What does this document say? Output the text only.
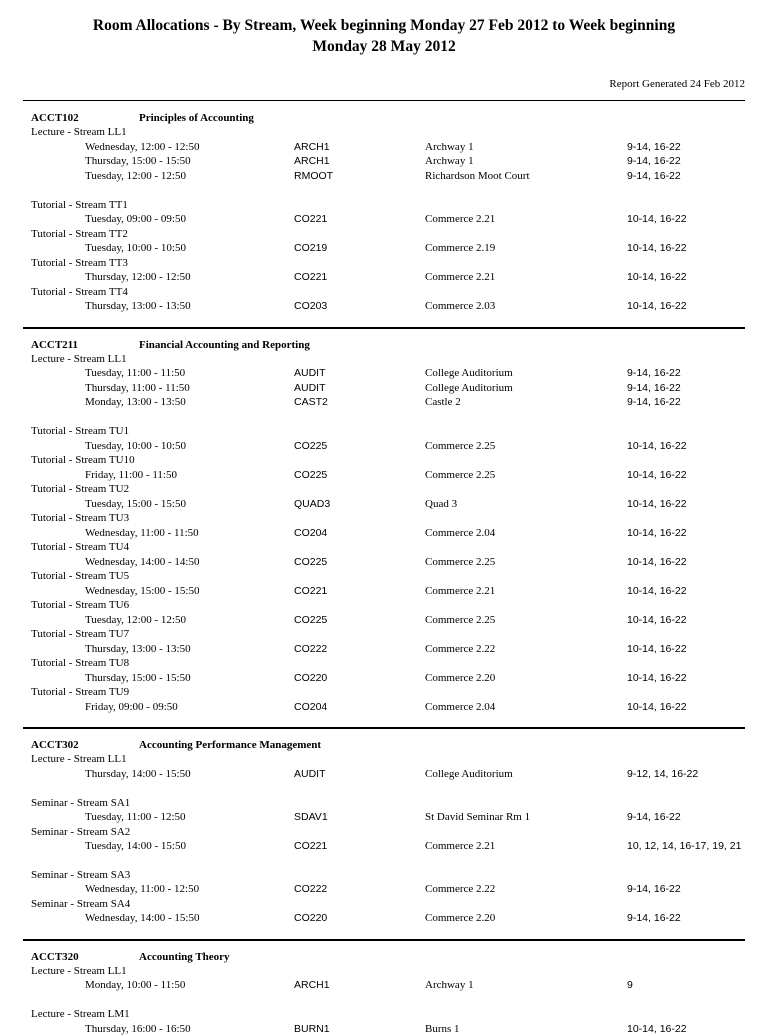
Room Allocations - By Stream, Week beginning Monday 27 Feb 2012 to Week beginning
Monday 28 May 2012
Report Generated 24 Feb 2012
ACCT102	Principles of Accounting
Lecture - Stream LL1
Wednesday, 12:00 - 12:50	ARCH1	Archway 1	9-14, 16-22
Thursday, 15:00 - 15:50	ARCH1	Archway 1	9-14, 16-22
Tuesday, 12:00 - 12:50	RMOOT	Richardson Moot Court	9-14, 16-22
Tutorial - Stream TT1
Tuesday, 09:00 - 09:50	CO221	Commerce 2.21	10-14, 16-22
Tutorial - Stream TT2
Tuesday, 10:00 - 10:50	CO219	Commerce 2.19	10-14, 16-22
Tutorial - Stream TT3
Thursday, 12:00 - 12:50	CO221	Commerce 2.21	10-14, 16-22
Tutorial - Stream TT4
Thursday, 13:00 - 13:50	CO203	Commerce 2.03	10-14, 16-22
ACCT211	Financial Accounting and Reporting
Lecture - Stream LL1
Tuesday, 11:00 - 11:50	AUDIT	College Auditorium	9-14, 16-22
Thursday, 11:00 - 11:50	AUDIT	College Auditorium	9-14, 16-22
Monday, 13:00 - 13:50	CAST2	Castle 2	9-14, 16-22
Tutorial - Stream TU1
Tuesday, 10:00 - 10:50	CO225	Commerce 2.25	10-14, 16-22
Tutorial - Stream TU10
Friday, 11:00 - 11:50	CO225	Commerce 2.25	10-14, 16-22
Tutorial - Stream TU2
Tuesday, 15:00 - 15:50	QUAD3	Quad 3	10-14, 16-22
Tutorial - Stream TU3
Wednesday, 11:00 - 11:50	CO204	Commerce 2.04	10-14, 16-22
Tutorial - Stream TU4
Wednesday, 14:00 - 14:50	CO225	Commerce 2.25	10-14, 16-22
Tutorial - Stream TU5
Wednesday, 15:00 - 15:50	CO221	Commerce 2.21	10-14, 16-22
Tutorial - Stream TU6
Tuesday, 12:00 - 12:50	CO225	Commerce 2.25	10-14, 16-22
Tutorial - Stream TU7
Thursday, 13:00 - 13:50	CO222	Commerce 2.22	10-14, 16-22
Tutorial - Stream TU8
Thursday, 15:00 - 15:50	CO220	Commerce 2.20	10-14, 16-22
Tutorial - Stream TU9
Friday, 09:00 - 09:50	CO204	Commerce 2.04	10-14, 16-22
ACCT302	Accounting Performance Management
Lecture - Stream LL1
Thursday, 14:00 - 15:50	AUDIT	College Auditorium	9-12, 14, 16-22
Seminar - Stream SA1
Tuesday, 11:00 - 12:50	SDAV1	St David Seminar Rm 1	9-14, 16-22
Seminar - Stream SA2
Tuesday, 14:00 - 15:50	CO221	Commerce 2.21	10, 12, 14, 16-17, 19, 21
Seminar - Stream SA3
Wednesday, 11:00 - 12:50	CO222	Commerce 2.22	9-14, 16-22
Seminar - Stream SA4
Wednesday, 14:00 - 15:50	CO220	Commerce 2.20	9-14, 16-22
ACCT320	Accounting Theory
Lecture - Stream LL1
Monday, 10:00 - 11:50	ARCH1	Archway 1	9
Lecture - Stream LM1
Thursday, 16:00 - 16:50	BURN1	Burns 1	10-14, 16-22
